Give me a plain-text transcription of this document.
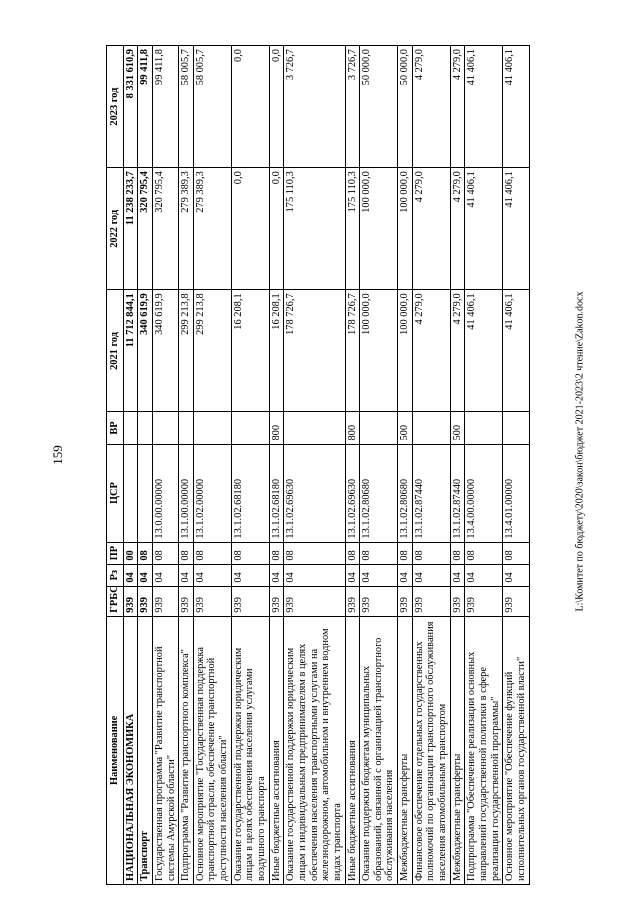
159
Наименование	ГРБС	Рз	ПР	ЦСР	ВР	2021 год	2022 год	2023 год
НАЦИОНАЛЬНАЯ ЭКОНОМИКА	939	04	00			11 712 844,1	11 238 233,7	8 331 610,9
Транспорт	939	04	08			340 619,9	320 795,4	99 411,8
Государственная программа "Развитие транспортной системы Амурской области"	939	04	08	13.0.00.00000		340 619,9	320 795,4	99 411,8
Подпрограмма "Развитие транспортного комплекса"	939	04	08	13.1.00.00000		299 213,8	279 389,3	58 005,7
Основное мероприятие "Государственная поддержка транспортной отрасли, обеспечение транспортной доступности населения области"	939	04	08	13.1.02.00000		299 213,8	279 389,3	58 005,7
Оказание государственной поддержки юридическим лицам в целях обеспечения населения услугами воздушного транспорта	939	04	08	13.1.02.68180		16 208,1	0,0	0,0
Иные бюджетные ассигнования	939	04	08	13.1.02.68180	800	16 208,1	0,0	0,0
Оказание государственной поддержки юридическим лицам и индивидуальным предпринимателям в целях обеспечения населения транспортными услугами на железнодорожном, автомобильном и внутреннем водном видах транспорта	939	04	08	13.1.02.69630		178 726,7	175 110,3	3 726,7
Иные бюджетные ассигнования	939	04	08	13.1.02.69630	800	178 726,7	175 110,3	3 726,7
Оказание поддержки бюджетам муниципальных образований, связанной с организацией транспортного обслуживания населения	939	04	08	13.1.02.80680		100 000,0	100 000,0	50 000,0
Межбюджетные трансферты	939	04	08	13.1.02.80680	500	100 000,0	100 000,0	50 000,0
Финансовое обеспечение отдельных государственных полномочий по организации транспортного обслуживания населения автомобильным транспортом	939	04	08	13.1.02.87440		4 279,0	4 279,0	4 279,0
Межбюджетные трансферты	939	04	08	13.1.02.87440	500	4 279,0	4 279,0	4 279,0
Подпрограмма "Обеспечение реализации основных направлений государственной политики в сфере реализации государственной программы"	939	04	08	13.4.00.00000		41 406,1	41 406,1	41 406,1
Основное мероприятие "Обеспечение функций исполнительных органов государственной власти"	939	04	08	13.4.01.00000		41 406,1	41 406,1	41 406,1
L:\Комитет по бюджету\2020\закон\бюджет 2021-2023\2 чтение\Zakon.docx
